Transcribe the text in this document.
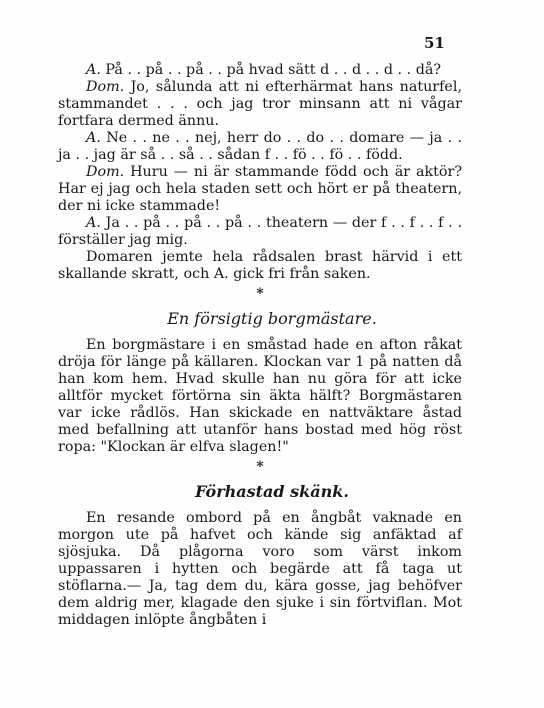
51

A. På . . på . . på . . på hvad sätt d . . d . . d . . då?

Dom. Jo, sålunda att ni efterhärmat hans naturfel, stammandet . . . och jag tror minsann att ni vågar fortfara dermed ännu.

A. Ne . . ne . . nej, herr do . . do . . domare — ja . . ja . . jag är så . . så . . sådan f . . fö . . fö . . född.

Dom. Huru — ni är stammande född och är aktör? Har ej jag och hela staden sett och hört er på theatern, der ni icke stammade!

A. Ja . . på . . på . . på . . theatern — der f . . f . . f . . förställer jag mig.

Domaren jemte hela rådsalen brast härvid i ett skallande skratt, och A. gick fri från saken.

*
En försigtig borgmästare.

En borgmästare i en småstad hade en afton råkat dröja för länge på källaren. Klockan var 1 på natten då han kom hem. Hvad skulle han nu göra för att icke alltför mycket förtörna sin äkta hälft? Borgmästaren var icke rådlös. Han skickade en nattväktare åstad med befallning att utanför hans bostad med hög röst ropa: "Klockan är elfva slagen!"

*
Förhastad skänk.

En resande ombord på en ångbåt vaknade en morgon ute på hafvet och kände sig anfäktad af sjösjuka. Då plågorna voro som värst inkom uppassaren i hytten och begärde att få taga ut stöflarna.— Ja, tag dem du, kära gosse, jag behöfver dem aldrig mer, klagade den sjuke i sin förtviflan. Mot middagen inlöpte ångbåten i
